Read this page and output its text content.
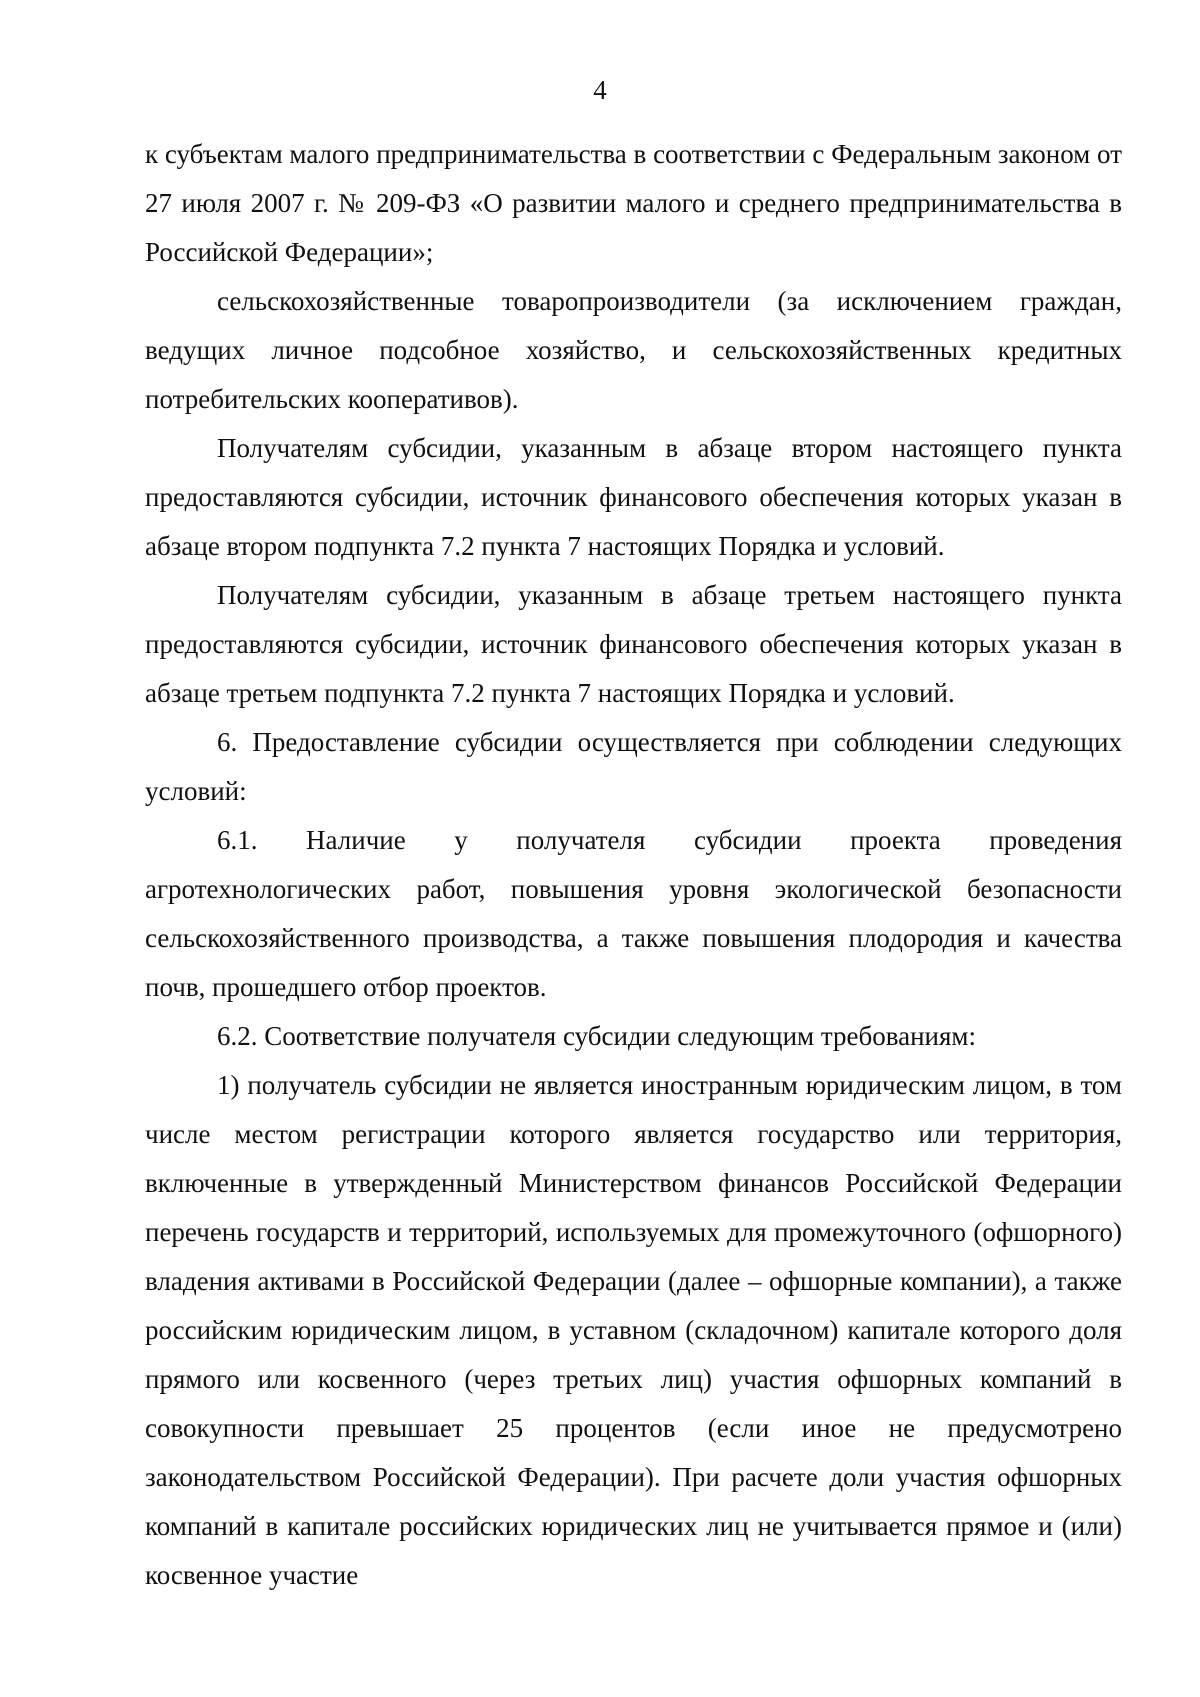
4

к субъектам малого предпринимательства в соответствии с Федеральным законом от 27 июля 2007 г. № 209-ФЗ «О развитии малого и среднего предпринимательства в Российской Федерации»;

сельскохозяйственные товаропроизводители (за исключением граждан, ведущих личное подсобное хозяйство, и сельскохозяйственных кредитных потребительских кооперативов).

Получателям субсидии, указанным в абзаце втором настоящего пункта предоставляются субсидии, источник финансового обеспечения которых указан в абзаце втором подпункта 7.2 пункта 7 настоящих Порядка и условий.

Получателям субсидии, указанным в абзаце третьем настоящего пункта предоставляются субсидии, источник финансового обеспечения которых указан в абзаце третьем подпункта 7.2 пункта 7 настоящих Порядка и условий.

6. Предоставление субсидии осуществляется при соблюдении следующих условий:

6.1. Наличие у получателя субсидии проекта проведения агротехнологических работ, повышения уровня экологической безопасности сельскохозяйственного производства, а также повышения плодородия и качества почв, прошедшего отбор проектов.

6.2. Соответствие получателя субсидии следующим требованиям:

1) получатель субсидии не является иностранным юридическим лицом, в том числе местом регистрации которого является государство или территория, включенные в утвержденный Министерством финансов Российской Федерации перечень государств и территорий, используемых для промежуточного (офшорного) владения активами в Российской Федерации (далее – офшорные компании), а также российским юридическим лицом, в уставном (складочном) капитале которого доля прямого или косвенного (через третьих лиц) участия офшорных компаний в совокупности превышает 25 процентов (если иное не предусмотрено законодательством Российской Федерации). При расчете доли участия офшорных компаний в капитале российских юридических лиц не учитывается прямое и (или) косвенное участие
